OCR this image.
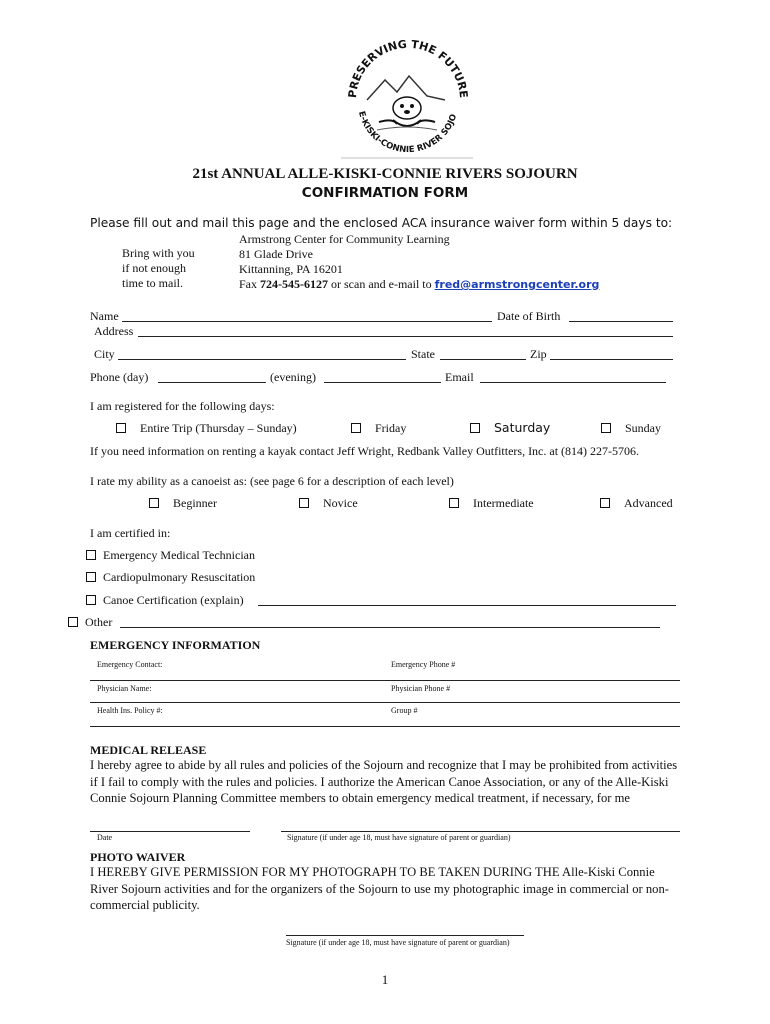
PRESERVING THE FUTURE
E-KISKI-CONNIE RIVER SOJO
21st ANNUAL ALLE-KISKI-CONNIE RIVERS SOJOURN
CONFIRMATION FORM
Please fill out and mail this page and the enclosed ACA insurance waiver form within 5 days to:
Bring with you
if not enough
time to mail.
Armstrong Center for Community Learning
81 Glade Drive
Kittanning, PA 16201
Fax 724-545-6127 or scan and e-mail to fred@armstrongcenter.org
Name	Date of Birth
Address
City	State	Zip
Phone (day)	(evening)	Email
I am registered for the following days:
Entire Trip (Thursday – Sunday)	Friday	Saturday	Sunday
If you need information on renting a kayak contact Jeff Wright, Redbank Valley Outfitters, Inc. at (814) 227-5706.
I rate my ability as a canoeist as: (see page 6 for a description of each level)
Beginner	Novice	Intermediate	Advanced
I am certified in:
Emergency Medical Technician
Cardiopulmonary Resuscitation
Canoe Certification (explain)
Other
EMERGENCY INFORMATION
Emergency Contact:	Emergency Phone #
Physician Name:	Physician Phone #
Health Ins. Policy #:	Group #
MEDICAL RELEASE
I hereby agree to abide by all rules and policies of the Sojourn and recognize that I may be prohibited from activities if I fail to comply with the rules and policies. I authorize the American Canoe Association, or any of the Alle-Kiski Connie Sojourn Planning Committee members to obtain emergency medical treatment, if necessary, for me
Date	Signature (if under age 18, must have signature of parent or guardian)
PHOTO WAIVER
I HEREBY GIVE PERMISSION FOR MY PHOTOGRAPH TO BE TAKEN DURING THE Alle-Kiski Connie River Sojourn activities and for the organizers of the Sojourn to use my photographic image in commercial or non-commercial publicity.
Signature (if under age 18, must have signature of parent or guardian)
1
